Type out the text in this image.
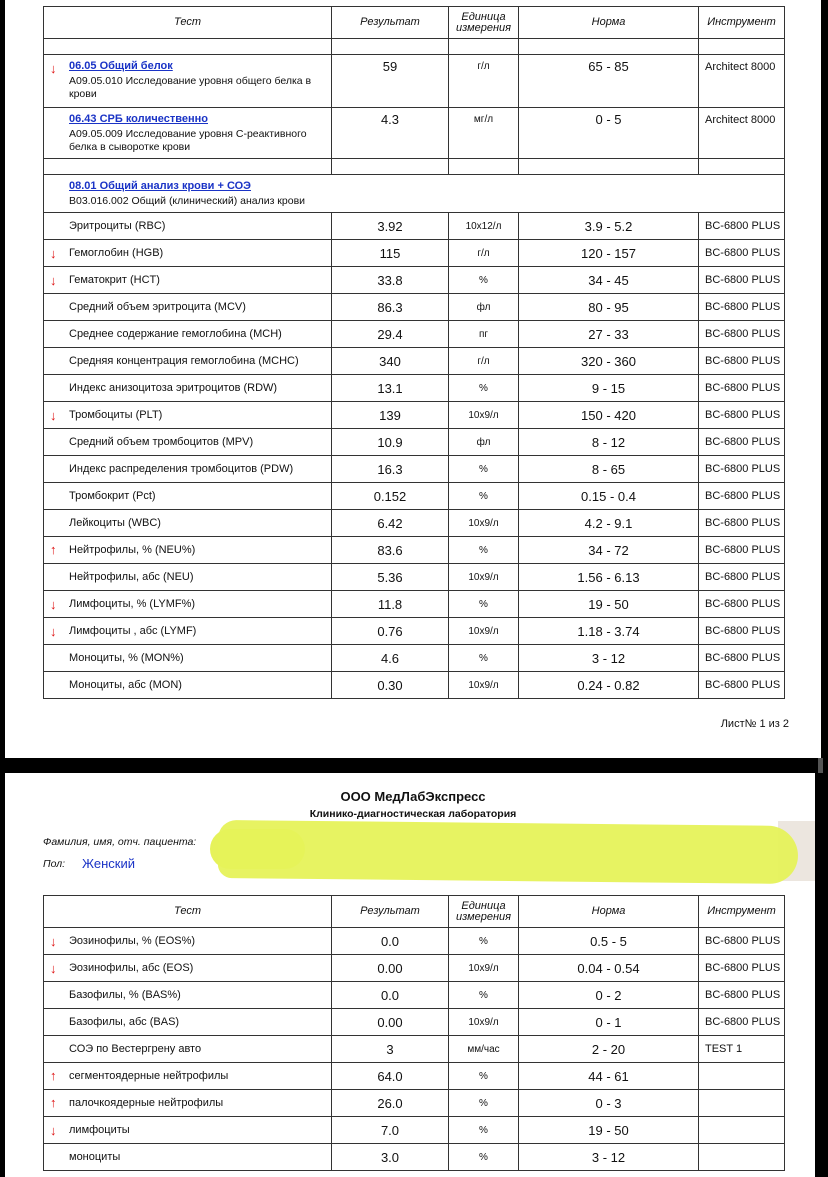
Тест	Результат	Единица измерения	Норма	Инструмент

↓ 06.05 Общий белок
A09.05.010 Исследование уровня общего белка в крови	59	г/л	65 - 85	Architect 8000

06.43 СРБ количественно
A09.05.009 Исследование уровня C-реактивного белка в сыворотке крови	4.3	мг/л	0 - 5	Architect 8000

08.01 Общий анализ крови + СОЭ
B03.016.002 Общий (клинический) анализ крови				

Эритроциты (RBC)	3.92	10x12/л	3.9 - 5.2	BC-6800 PLUS

↓ Гемоглобин (HGB)	115	г/л	120 - 157	BC-6800 PLUS

↓ Гематокрит (HCT)	33.8	%	34 - 45	BC-6800 PLUS

Средний объем эритроцита (MCV)	86.3	фл	80 - 95	BC-6800 PLUS

Среднее содержание гемоглобина (MCH)	29.4	пг	27 - 33	BC-6800 PLUS

Средняя концентрация гемоглобина (MCHC)	340	г/л	320 - 360	BC-6800 PLUS

Индекс анизоцитоза эритроцитов (RDW)	13.1	%	9 - 15	BC-6800 PLUS

↓ Тромбоциты (PLT)	139	10x9/л	150 - 420	BC-6800 PLUS

Средний объем тромбоцитов (MPV)	10.9	фл	8 - 12	BC-6800 PLUS

Индекс распределения тромбоцитов (PDW)	16.3	%	8 - 65	BC-6800 PLUS

Тромбокрит (Pct)	0.152	%	0.15 - 0.4	BC-6800 PLUS

Лейкоциты (WBC)	6.42	10x9/л	4.2 - 9.1	BC-6800 PLUS

↑ Нейтрофилы, % (NEU%)	83.6	%	34 - 72	BC-6800 PLUS

Нейтрофилы, абс (NEU)	5.36	10x9/л	1.56 - 6.13	BC-6800 PLUS

↓ Лимфоциты, % (LYMF%)	11.8	%	19 - 50	BC-6800 PLUS

↓ Лимфоциты , абс (LYMF)	0.76	10x9/л	1.18 - 3.74	BC-6800 PLUS

Моноциты, % (MON%)	4.6	%	3 - 12	BC-6800 PLUS

Моноциты, абс (MON)	0.30	10x9/л	0.24 - 0.82	BC-6800 PLUS
Лист№ 1 из 2
ООО МедЛабЭкспресс
Клинико-диагностическая лаборатория
Фамилия, имя, отч. пациента:
Пол: Женский
Тест	Результат	Единица измерения	Норма	Инструмент

↓ Эозинофилы, % (EOS%)	0.0	%	0.5 - 5	BC-6800 PLUS

↓ Эозинофилы, абс (EOS)	0.00	10x9/л	0.04 - 0.54	BC-6800 PLUS

Базофилы, % (BAS%)	0.0	%	0 - 2	BC-6800 PLUS

Базофилы, абс (BAS)	0.00	10x9/л	0 - 1	BC-6800 PLUS

СОЭ по Вестергрену авто	3	мм/час	2 - 20	TEST 1

↑ сегментоядерные нейтрофилы	64.0	%	44 - 61	

↑ палочкоядерные нейтрофилы	26.0	%	0 - 3	

↓ лимфоциты	7.0	%	19 - 50	

моноциты	3.0	%	3 - 12	
